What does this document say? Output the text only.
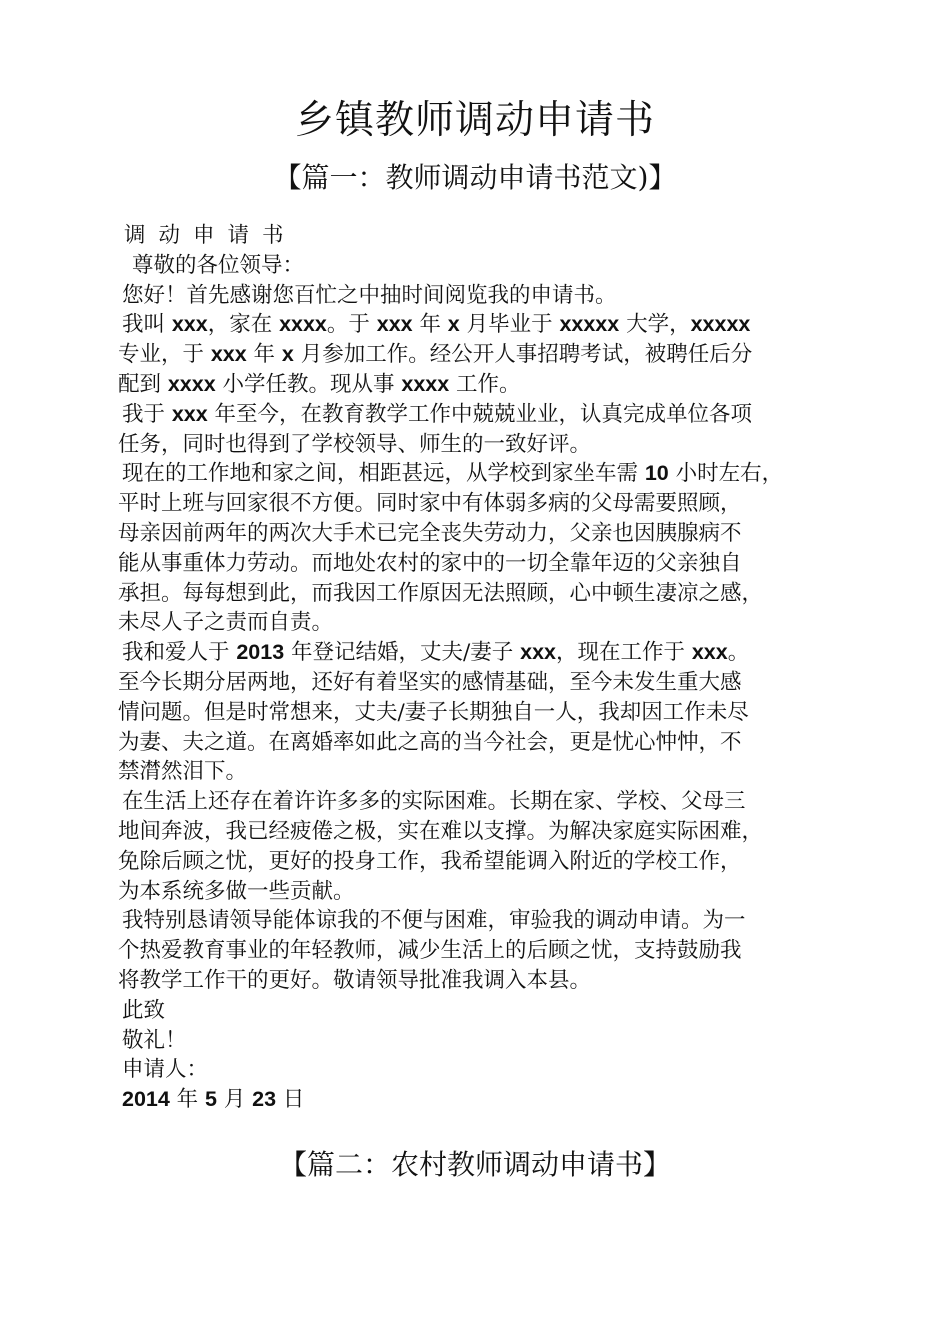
乡镇教师调动申请书
【篇一：教师调动申请书范文)】
调动申请书
尊敬的各位领导：
您好！首先感谢您百忙之中抽时间阅览我的申请书。
我叫 xxx，家在 xxxx。于 xxx 年 x 月毕业于 xxxxx 大学，xxxxx
专业，于 xxx 年 x 月参加工作。经公开人事招聘考试，被聘任后分
配到 xxxx 小学任教。现从事 xxxx 工作。
我于 xxx 年至今，在教育教学工作中兢兢业业，认真完成单位各项
任务，同时也得到了学校领导、师生的一致好评。
现在的工作地和家之间，相距甚远，从学校到家坐车需 10 小时左右，
平时上班与回家很不方便。同时家中有体弱多病的父母需要照顾，
母亲因前两年的两次大手术已完全丧失劳动力，父亲也因胰腺病不
能从事重体力劳动。而地处农村的家中的一切全靠年迈的父亲独自
承担。每每想到此，而我因工作原因无法照顾，心中顿生凄凉之感，
未尽人子之责而自责。
我和爱人于 2013 年登记结婚，丈夫/妻子 xxx，现在工作于 xxx。
至今长期分居两地，还好有着坚实的感情基础，至今未发生重大感
情问题。但是时常想来，丈夫/妻子长期独自一人，我却因工作未尽
为妻、夫之道。在离婚率如此之高的当今社会，更是忧心忡忡，不
禁潸然泪下。
在生活上还存在着许许多多的实际困难。长期在家、学校、父母三
地间奔波，我已经疲倦之极，实在难以支撑。为解决家庭实际困难，
免除后顾之忧，更好的投身工作，我希望能调入附近的学校工作，
为本系统多做一些贡献。
我特别恳请领导能体谅我的不便与困难，审验我的调动申请。为一
个热爱教育事业的年轻教师，减少生活上的后顾之忧，支持鼓励我
将教学工作干的更好。敬请领导批准我调入本县。
此致
敬礼！
申请人：
2014 年 5 月 23 日
【篇二：农村教师调动申请书】
